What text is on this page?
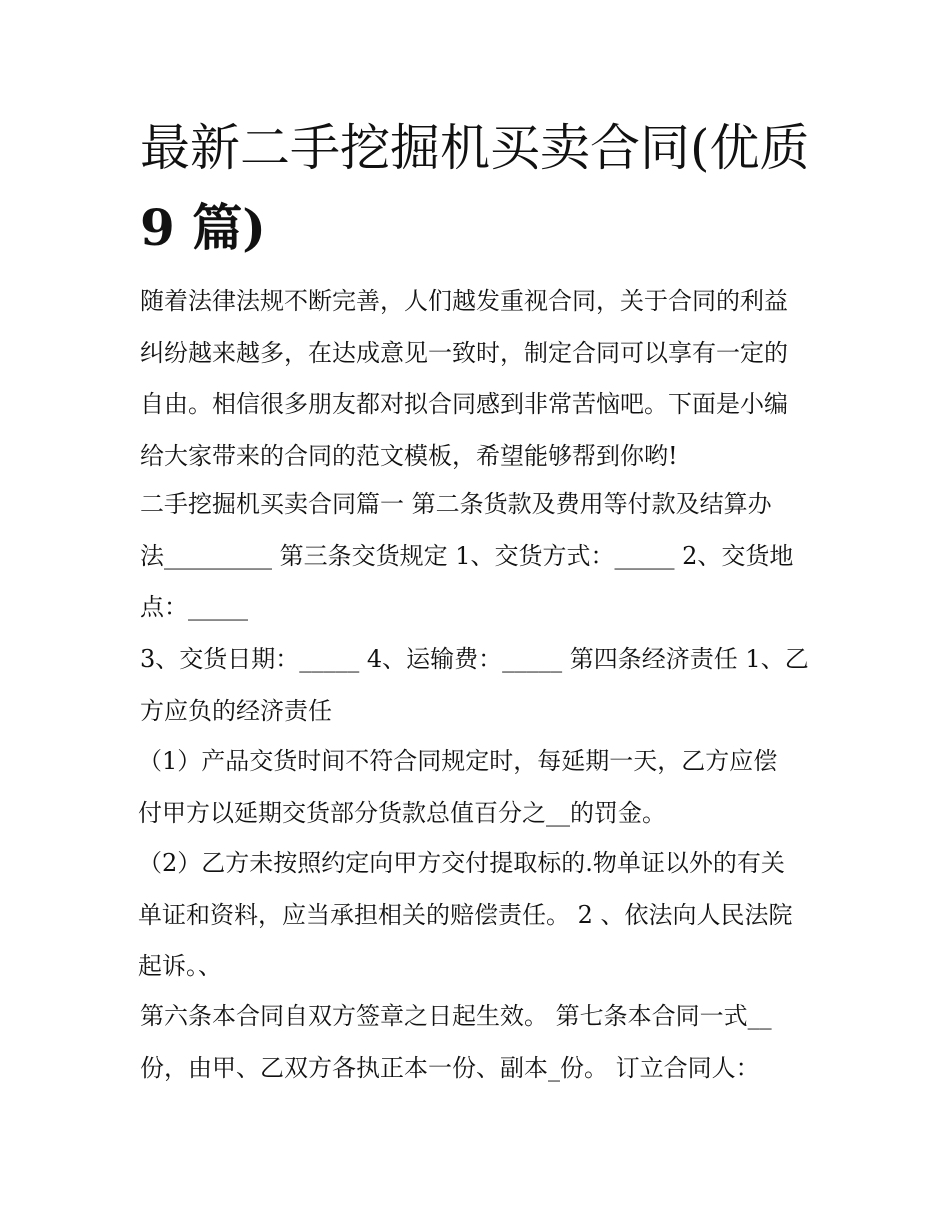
最新二手挖掘机买卖合同(优质
9 篇)

随着法律法规不断完善，人们越发重视合同，关于合同的利益
纠纷越来越多，在达成意见一致时，制定合同可以享有一定的
自由。相信很多朋友都对拟合同感到非常苦恼吧。下面是小编
给大家带来的合同的范文模板，希望能够帮到你哟!

二手挖掘机买卖合同篇一 第二条货款及费用等付款及结算办
法_________ 第三条交货规定 1、交货方式：_____ 2、交货地
点：_____

3、交货日期：_____ 4、运输费：_____ 第四条经济责任 1、乙
方应负的经济责任

（1）产品交货时间不符合同规定时，每延期一天，乙方应偿
付甲方以延期交货部分货款总值百分之__的罚金。

（2）乙方未按照约定向甲方交付提取标的.物单证以外的有关
单证和资料，应当承担相关的赔偿责任。 2 、依法向人民法院
起诉。、

第六条本合同自双方签章之日起生效。 第七条本合同一式__
份，由甲、乙双方各执正本一份、副本_份。 订立合同人：
